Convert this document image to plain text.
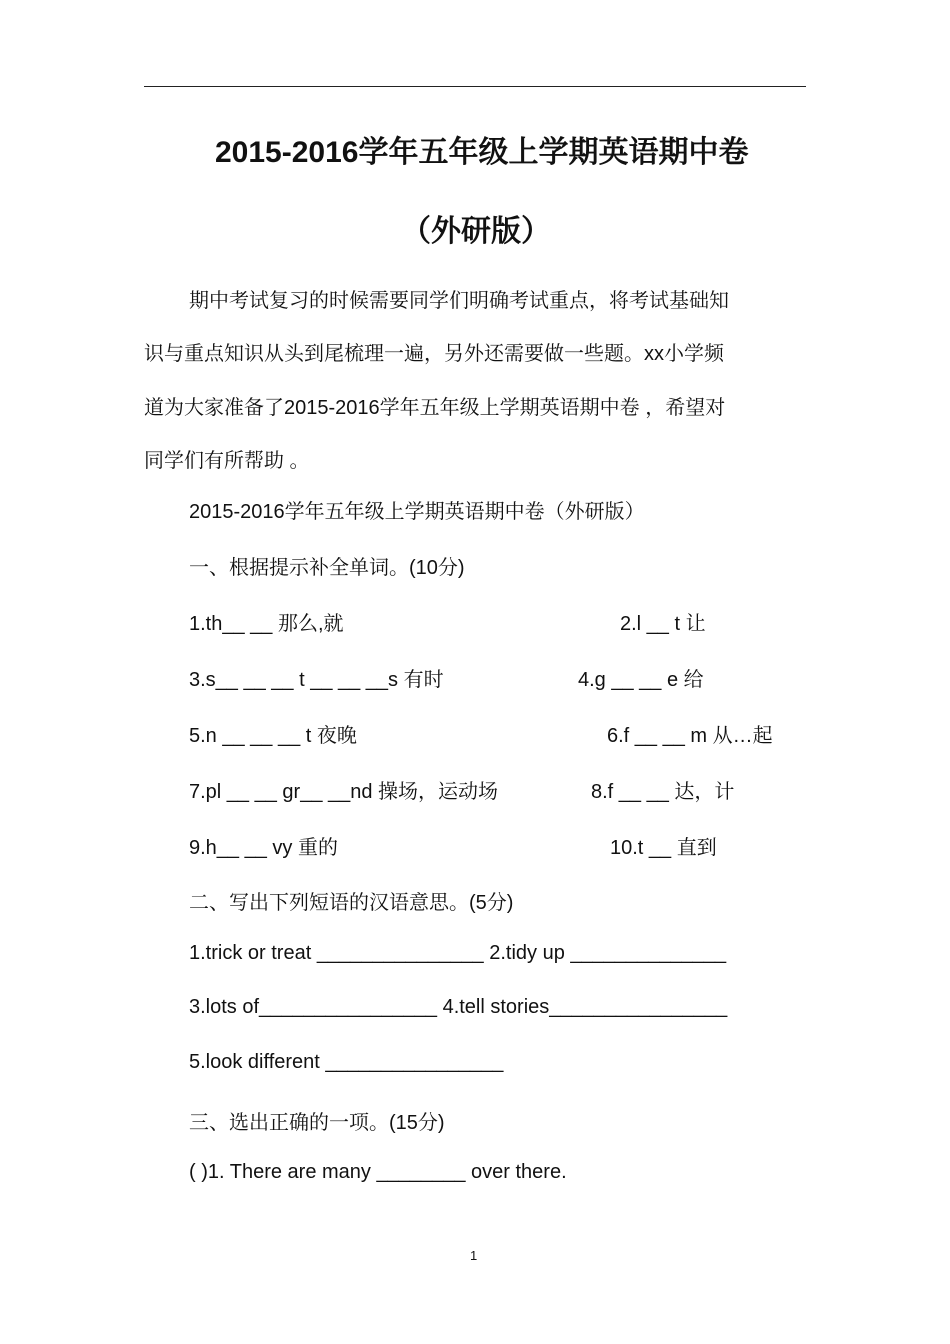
2015-2016学年五年级上学期英语期中卷
（外研版）
期中考试复习的时候需要同学们明确考试重点，将考试基础知
识与重点知识从头到尾梳理一遍，另外还需要做一些题。xx小学频
道为大家准备了2015-2016学年五年级上学期英语期中卷 ，希望对
同学们有所帮助 。
2015-2016学年五年级上学期英语期中卷（外研版）
一、根据提示补全单词。(10分)
1.th__ __ 那么,就	2.l __ t 让
3.s__ __ __ t __ __ __s 有时	4.g __ __ e 给
5.n __ __ __ t 夜晚	6.f __ __ m 从…起
7.pl __ __ gr__ __nd 操场，运动场	8.f __ __ 达，计
9.h__ __ vy 重的	10.t __ 直到
二、写出下列短语的汉语意思。(5分)
1.trick or treat _______________ 2.tidy up ______________
3.lots of________________ 4.tell stories________________
5.look different ________________
三、选出正确的一项。(15分)
( )1. There are many ________ over there.
1
